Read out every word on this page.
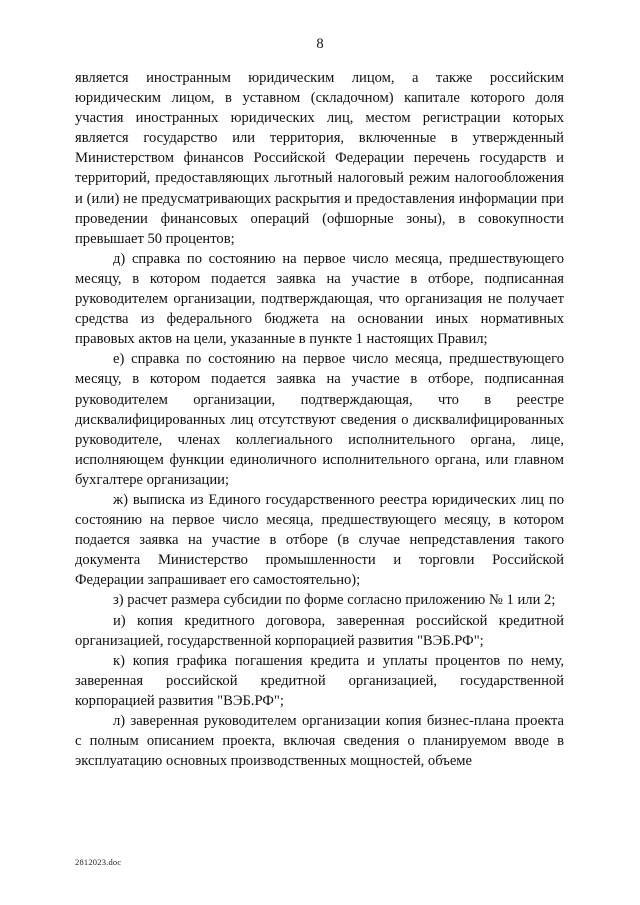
8

является иностранным юридическим лицом, а также российским юридическим лицом, в уставном (складочном) капитале которого доля участия иностранных юридических лиц, местом регистрации которых является государство или территория, включенные в утвержденный Министерством финансов Российской Федерации перечень государств и территорий, предоставляющих льготный налоговый режим налогообложения и (или) не предусматривающих раскрытия и предоставления информации при проведении финансовых операций (офшорные зоны), в совокупности превышает 50 процентов;

д) справка по состоянию на первое число месяца, предшествующего месяцу, в котором подается заявка на участие в отборе, подписанная руководителем организации, подтверждающая, что организация не получает средства из федерального бюджета на основании иных нормативных правовых актов на цели, указанные в пункте 1 настоящих Правил;

е) справка по состоянию на первое число месяца, предшествующего месяцу, в котором подается заявка на участие в отборе, подписанная руководителем организации, подтверждающая, что в реестре дисквалифицированных лиц отсутствуют сведения о дисквалифицированных руководителе, членах коллегиального исполнительного органа, лице, исполняющем функции единоличного исполнительного органа, или главном бухгалтере организации;

ж) выписка из Единого государственного реестра юридических лиц по состоянию на первое число месяца, предшествующего месяцу, в котором подается заявка на участие в отборе (в случае непредставления такого документа Министерство промышленности и торговли Российской Федерации запрашивает его самостоятельно);

з) расчет размера субсидии по форме согласно приложению № 1 или 2;

и) копия кредитного договора, заверенная российской кредитной организацией, государственной корпорацией развития "ВЭБ.РФ";

к) копия графика погашения кредита и уплаты процентов по нему, заверенная российской кредитной организацией, государственной корпорацией развития "ВЭБ.РФ";

л) заверенная руководителем организации копия бизнес-плана проекта с полным описанием проекта, включая сведения о планируемом вводе в эксплуатацию основных производственных мощностей, объеме

2812023.doc
